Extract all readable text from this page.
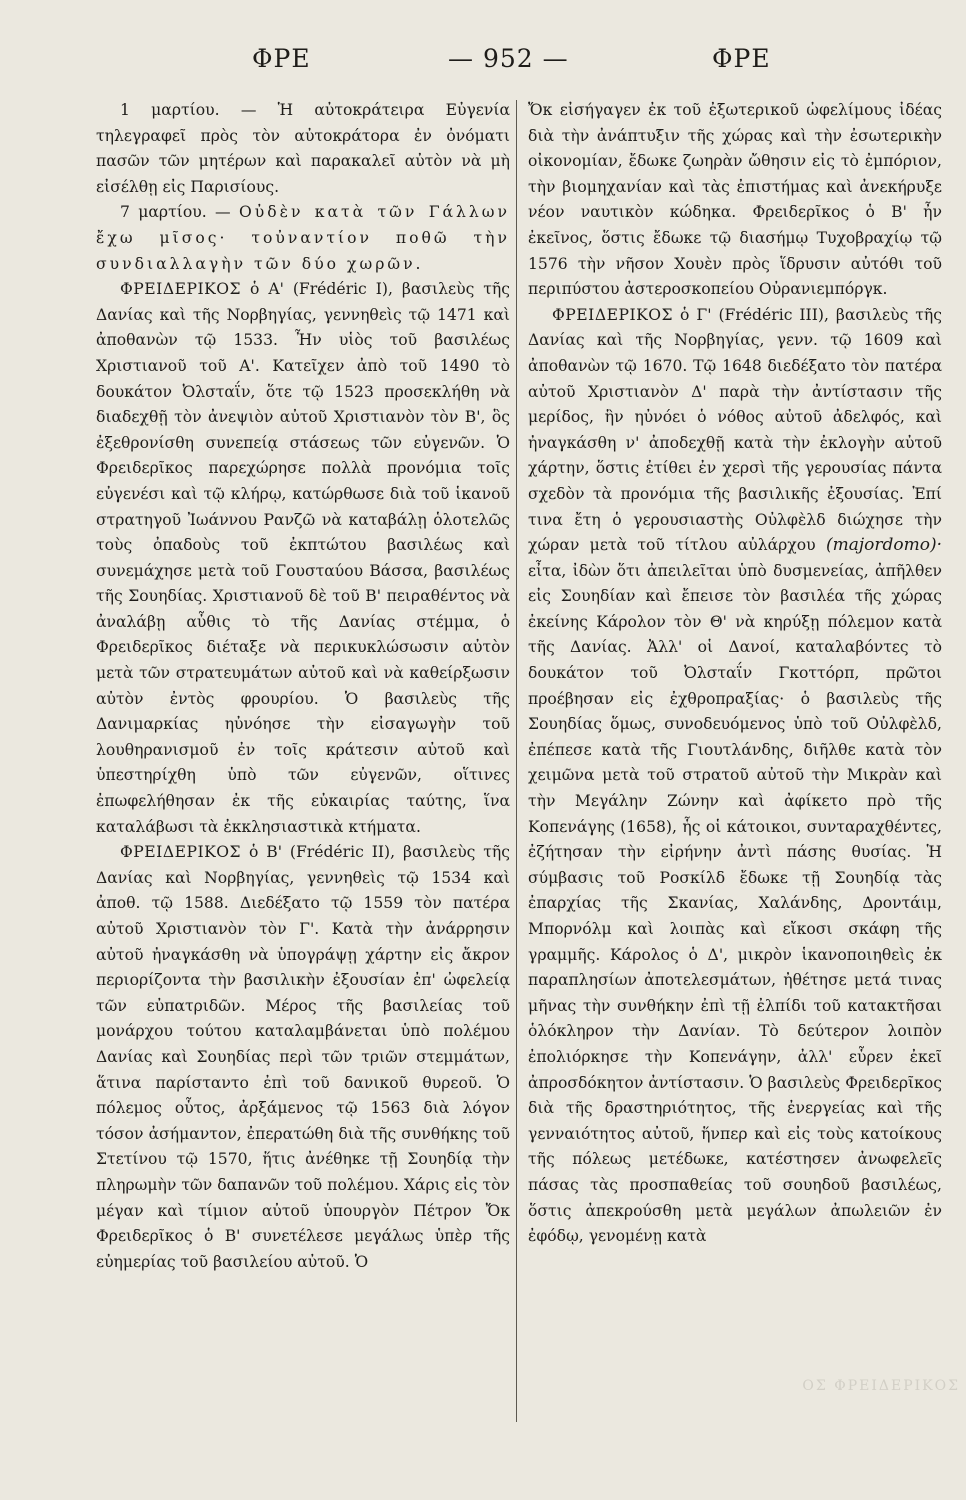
ΦΡΕ	— 952 —	ΦΡΕ

1 μαρτίου. — Ἡ αὐτοκράτειρα Εὐγενία τηλεγραφεῖ πρὸς τὸν αὐτοκράτορα ἐν ὀνόματι πασῶν τῶν μητέρων καὶ παρακαλεῖ αὐτὸν νὰ μὴ εἰσέλθῃ εἰς Παρισίους.

7 μαρτίου. — Οὐδὲν κατὰ τῶν Γάλλων ἔχω μῖσος· τοὐναντίον ποθῶ τὴν συνδιαλλαγὴν τῶν δύο χωρῶν.

ΦΡΕΙΔΕΡΙΚΟΣ ὁ Α' (Frédéric I), βασιλεὺς τῆς Δανίας καὶ τῆς Νορβηγίας, γεννηθεὶς τῷ 1471 καὶ ἀποθανὼν τῷ 1533. Ἦν υἱὸς τοῦ βασιλέως Χριστιανοῦ τοῦ Α'. Κατεῖχεν ἀπὸ τοῦ 1490 τὸ δουκάτον Ὀλσταΐν, ὅτε τῷ 1523 προσεκλήθη νὰ διαδεχθῇ τὸν ἀνεψιὸν αὐτοῦ Χριστιανὸν τὸν Β', ὃς ἐξεθρονίσθη συνεπείᾳ στάσεως τῶν εὐγενῶν. Ὁ Φρειδερῖκος παρεχώρησε πολλὰ προνόμια τοῖς εὐγενέσι καὶ τῷ κλήρῳ, κατώρθωσε διὰ τοῦ ἱκανοῦ στρατηγοῦ Ἰωάννου Ρανζῶ νὰ καταβάλῃ ὁλοτελῶς τοὺς ὀπαδοὺς τοῦ ἐκπτώτου βασιλέως καὶ συνεμάχησε μετὰ τοῦ Γουσταύου Βάσσα, βασιλέως τῆς Σουηδίας. Χριστιανοῦ δὲ τοῦ Β' πειραθέντος νὰ ἀναλάβῃ αὖθις τὸ τῆς Δανίας στέμμα, ὁ Φρειδερῖκος διέταξε νὰ περικυκλώσωσιν αὐτὸν μετὰ τῶν στρατευμάτων αὐτοῦ καὶ νὰ καθείρξωσιν αὐτὸν ἐντὸς φρουρίου. Ὁ βασιλεὺς τῆς Δανιμαρκίας ηὐνόησε τὴν εἰσαγωγὴν τοῦ λουθηρανισμοῦ ἐν τοῖς κράτεσιν αὐτοῦ καὶ ὑπεστηρίχθη ὑπὸ τῶν εὐγενῶν, οἵτινες ἐπωφελήθησαν ἐκ τῆς εὐκαιρίας ταύτης, ἵνα καταλάβωσι τὰ ἐκκλησιαστικὰ κτήματα.

ΦΡΕΙΔΕΡΙΚΟΣ ὁ Β' (Frédéric II), βασιλεὺς τῆς Δανίας καὶ Νορβηγίας, γεννηθεὶς τῷ 1534 καὶ ἀποθ. τῷ 1588. Διεδέξατο τῷ 1559 τὸν πατέρα αὐτοῦ Χριστιανὸν τὸν Γ'. Κατὰ τὴν ἀνάρρησιν αὐτοῦ ἠναγκάσθη νὰ ὑπογράψῃ χάρτην εἰς ἄκρον περιορίζοντα τὴν βασιλικὴν ἐξουσίαν ἐπ' ὠφελείᾳ τῶν εὐπατριδῶν. Μέρος τῆς βασιλείας τοῦ μονάρχου τούτου καταλαμβάνεται ὑπὸ πολέμου Δανίας καὶ Σουηδίας περὶ τῶν τριῶν στεμμάτων, ἅτινα παρίσταντο ἐπὶ τοῦ δανικοῦ θυρεοῦ. Ὁ πόλεμος οὗτος, ἀρξάμενος τῷ 1563 διὰ λόγον τόσον ἀσήμαντον, ἐπερατώθη διὰ τῆς συνθήκης τοῦ Στετίνου τῷ 1570, ἥτις ἀνέθηκε τῇ Σουηδίᾳ τὴν πληρωμὴν τῶν δαπανῶν τοῦ πολέμου. Χάρις εἰς τὸν μέγαν καὶ τίμιον αὐτοῦ ὑπουργὸν Πέτρον Ὄκ Φρειδερῖκος ὁ Β' συνετέλεσε μεγάλως ὑπὲρ τῆς εὐημερίας τοῦ βασιλείου αὐτοῦ. Ὁ

Ὄκ εἰσήγαγεν ἐκ τοῦ ἐξωτερικοῦ ὠφελίμους ἰδέας διὰ τὴν ἀνάπτυξιν τῆς χώρας καὶ τὴν ἐσωτερικὴν οἰκονομίαν, ἔδωκε ζωηρὰν ὤθησιν εἰς τὸ ἐμπόριον, τὴν βιομηχανίαν καὶ τὰς ἐπιστήμας καὶ ἀνεκήρυξε νέον ναυτικὸν κώδηκα. Φρειδερῖκος ὁ Β' ἦν ἐκεῖνος, ὅστις ἔδωκε τῷ διασήμῳ Τυχοβραχίῳ τῷ 1576 τὴν νῆσον Χουὲν πρὸς ἵδρυσιν αὐτόθι τοῦ περιπύστου ἀστεροσκοπείου Οὐρανιεμπόργκ.

ΦΡΕΙΔΕΡΙΚΟΣ ὁ Γ' (Frédéric III), βασιλεὺς τῆς Δανίας καὶ τῆς Νορβηγίας, γενν. τῷ 1609 καὶ ἀποθανὼν τῷ 1670. Τῷ 1648 διεδέξατο τὸν πατέρα αὐτοῦ Χριστιανὸν Δ' παρὰ τὴν ἀντίστασιν τῆς μερίδος, ἣν ηὐνόει ὁ νόθος αὐτοῦ ἀδελφός, καὶ ἠναγκάσθη ν' ἀποδεχθῇ κατὰ τὴν ἐκλογὴν αὐτοῦ χάρτην, ὅστις ἐτίθει ἐν χερσὶ τῆς γερουσίας πάντα σχεδὸν τὰ προνόμια τῆς βασιλικῆς ἐξουσίας. Ἐπί τινα ἔτη ὁ γερουσιαστὴς Οὐλφὲλδ διώχησε τὴν χώραν μετὰ τοῦ τίτλου αὐλάρχου (majordomo)· εἶτα, ἰδὼν ὅτι ἀπειλεῖται ὑπὸ δυσμενείας, ἀπῆλθεν εἰς Σουηδίαν καὶ ἔπεισε τὸν βασιλέα τῆς χώρας ἐκείνης Κάρολον τὸν Θ' νὰ κηρύξῃ πόλεμον κατὰ τῆς Δανίας. Ἀλλ' οἱ Δανοί, καταλαβόντες τὸ δουκάτον τοῦ Ὀλσταΐν Γκοττόρπ, πρῶτοι προέβησαν εἰς ἐχθροπραξίας· ὁ βασιλεὺς τῆς Σουηδίας ὅμως, συνοδευόμενος ὑπὸ τοῦ Οὐλφὲλδ, ἐπέπεσε κατὰ τῆς Γιουτλάνδης, διῆλθε κατὰ τὸν χειμῶνα μετὰ τοῦ στρατοῦ αὐτοῦ τὴν Μικρὰν καὶ τὴν Μεγάλην Ζώνην καὶ ἀφίκετο πρὸ τῆς Κοπενάγης (1658), ἧς οἱ κάτοικοι, συνταραχθέντες, ἐζήτησαν τὴν εἰρήνην ἀντὶ πάσης θυσίας. Ἡ σύμβασις τοῦ Ροσκίλδ ἔδωκε τῇ Σουηδίᾳ τὰς ἐπαρχίας τῆς Σκανίας, Χαλάνδης, Δροντάιμ, Μπορνόλμ καὶ λοιπὰς καὶ εἴκοσι σκάφη τῆς γραμμῆς. Κάρολος ὁ Δ', μικρὸν ἱκανοποιηθεὶς ἐκ παραπλησίων ἀποτελεσμάτων, ἠθέτησε μετά τινας μῆνας τὴν συνθήκην ἐπὶ τῇ ἐλπίδι τοῦ κατακτῆσαι ὁλόκληρον τὴν Δανίαν. Τὸ δεύτερον λοιπὸν ἐπολιόρκησε τὴν Κοπενάγην, ἀλλ' εὗρεν ἐκεῖ ἀπροσδόκητον ἀντίστασιν. Ὁ βασιλεὺς Φρειδερῖκος διὰ τῆς δραστηριότητος, τῆς ἐνεργείας καὶ τῆς γενναιότητος αὐτοῦ, ἥνπερ καὶ εἰς τοὺς κατοίκους τῆς πόλεως μετέδωκε, κατέστησεν ἀνωφελεῖς πάσας τὰς προσπαθείας τοῦ σουηδοῦ βασιλέως, ὅστις ἀπεκρούσθη μετὰ μεγάλων ἀπωλειῶν ἐν ἐφόδῳ, γενομένῃ κατὰ

ΟΣ ΦΡΕΙΔΕΡΙΚΟΣ
